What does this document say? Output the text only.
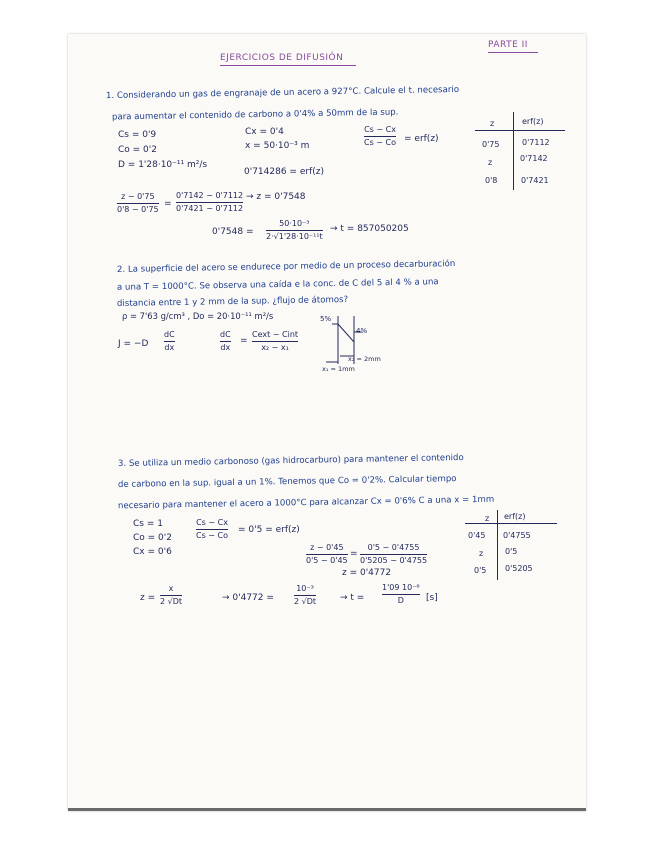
EJERCICIOS DE DIFUSIÓN
PARTE II
1. Considerando un gas de engranaje de un acero a 927°C. Calcule el t. necesario
para aumentar el contenido de carbono a 0'4% a 50mm de la sup.
Cs = 0'9
Co = 0'2
D = 1'28·10⁻¹¹ m²/s
Cx = 0'4
x = 50·10⁻³ m
Cs − Cx
Cs − Co = erf(z)
0'714286 = erf(z)
z	erf(z)
0'75	0'7112
z	0'7142
0'8	0'7421
z − 0'75
0'8 − 0'75
=
0'7142 − 0'7112
0'7421 − 0'7112
→ z = 0'7548
0'7548 =
50·10⁻³
2·√1'28·10⁻¹¹t
→ t = 857050205
2. La superficie del acero se endurece por medio de un proceso decarburación
a una T = 1000°C. Se observa una caída e la conc. de C del 5 al 4 % a una
distancia entre 1 y 2 mm de la sup. ¿flujo de átomos?
ρ = 7'63 g/cm³ , Do = 20·10⁻¹¹ m²/s
J = −D
dC
dx
dC
dx
=
Cext − Cint
x₂ − x₁
5%
4%
x₂ = 2mm
x₁ = 1mm
3. Se utiliza un medio carbonoso (gas hidrocarburo) para mantener el contenido
de carbono en la sup. igual a un 1%. Tenemos que Co = 0'2%. Calcular tiempo
necesario para mantener el acero a 1000°C para alcanzar Cx = 0'6% C a una x = 1mm
Cs = 1
Co = 0'2
Cx = 0'6
Cs − Cx
Cs − Co
= 0'5 = erf(z)
z − 0'45
0'5 − 0'45
=
0'5 − 0'4755
0'5205 − 0'4755
z = 0'4772
z erf(z)
0'45 0'4755
z	0'5
0'5 0'5205
z =
x
2 √Dt	→ 0'4772 =
10⁻³
2 √Dt	→ t =
1'09 10⁻⁶
D [s]
